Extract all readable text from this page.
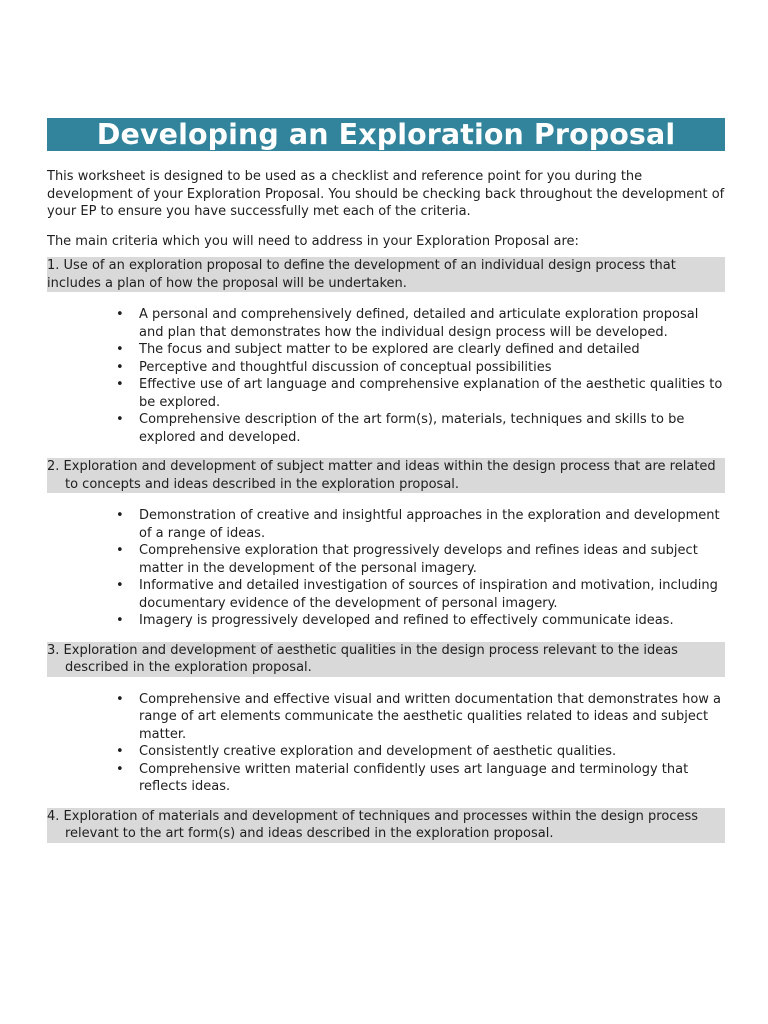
Developing an Exploration Proposal

This worksheet is designed to be used as a checklist and reference point for you during the development of your Exploration Proposal. You should be checking back throughout the development of your EP to ensure you have successfully met each of the criteria.

The main criteria which you will need to address in your Exploration Proposal are:

1. Use of an exploration proposal to define the development of an individual design process that includes a plan of how the proposal will be undertaken.

• A personal and comprehensively defined, detailed and articulate exploration proposal and plan that demonstrates how the individual design process will be developed.
• The focus and subject matter to be explored are clearly defined and detailed
• Perceptive and thoughtful discussion of conceptual possibilities
• Effective use of art language and comprehensive explanation of the aesthetic qualities to be explored.
• Comprehensive description of the art form(s), materials, techniques and skills to be explored and developed.

2. Exploration and development of subject matter and ideas within the design process that are related to concepts and ideas described in the exploration proposal.

• Demonstration of creative and insightful approaches in the exploration and development of a range of ideas.
• Comprehensive exploration that progressively develops and refines ideas and subject matter in the development of the personal imagery.
• Informative and detailed investigation of sources of inspiration and motivation, including documentary evidence of the development of personal imagery.
• Imagery is progressively developed and refined to effectively communicate ideas.

3. Exploration and development of aesthetic qualities in the design process relevant to the ideas described in the exploration proposal.

• Comprehensive and effective visual and written documentation that demonstrates how a range of art elements communicate the aesthetic qualities related to ideas and subject matter.
• Consistently creative exploration and development of aesthetic qualities.
• Comprehensive written material confidently uses art language and terminology that reflects ideas.

4. Exploration of materials and development of techniques and processes within the design process relevant to the art form(s) and ideas described in the exploration proposal.
